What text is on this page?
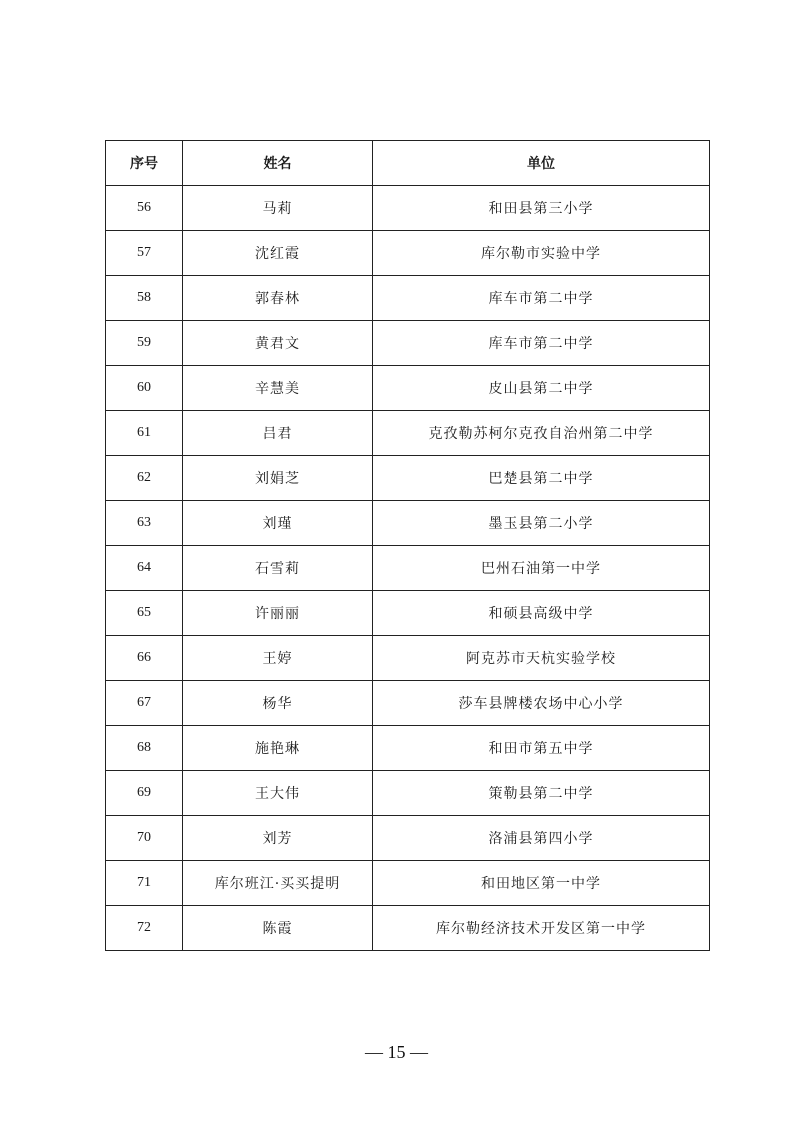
序号	姓名	单位
56	马莉	和田县第三小学
57	沈红霞	库尔勒市实验中学
58	郭春林	库车市第二中学
59	黄君文	库车市第二中学
60	辛慧美	皮山县第二中学
61	吕君	克孜勒苏柯尔克孜自治州第二中学
62	刘娟芝	巴楚县第二中学
63	刘瑾	墨玉县第二小学
64	石雪莉	巴州石油第一中学
65	许丽丽	和硕县高级中学
66	王婷	阿克苏市天杭实验学校
67	杨华	莎车县牌楼农场中心小学
68	施艳琳	和田市第五中学
69	王大伟	策勒县第二中学
70	刘芳	洛浦县第四小学
71	库尔班江·买买提明	和田地区第一中学
72	陈霞	库尔勒经济技术开发区第一中学
— 15 —
